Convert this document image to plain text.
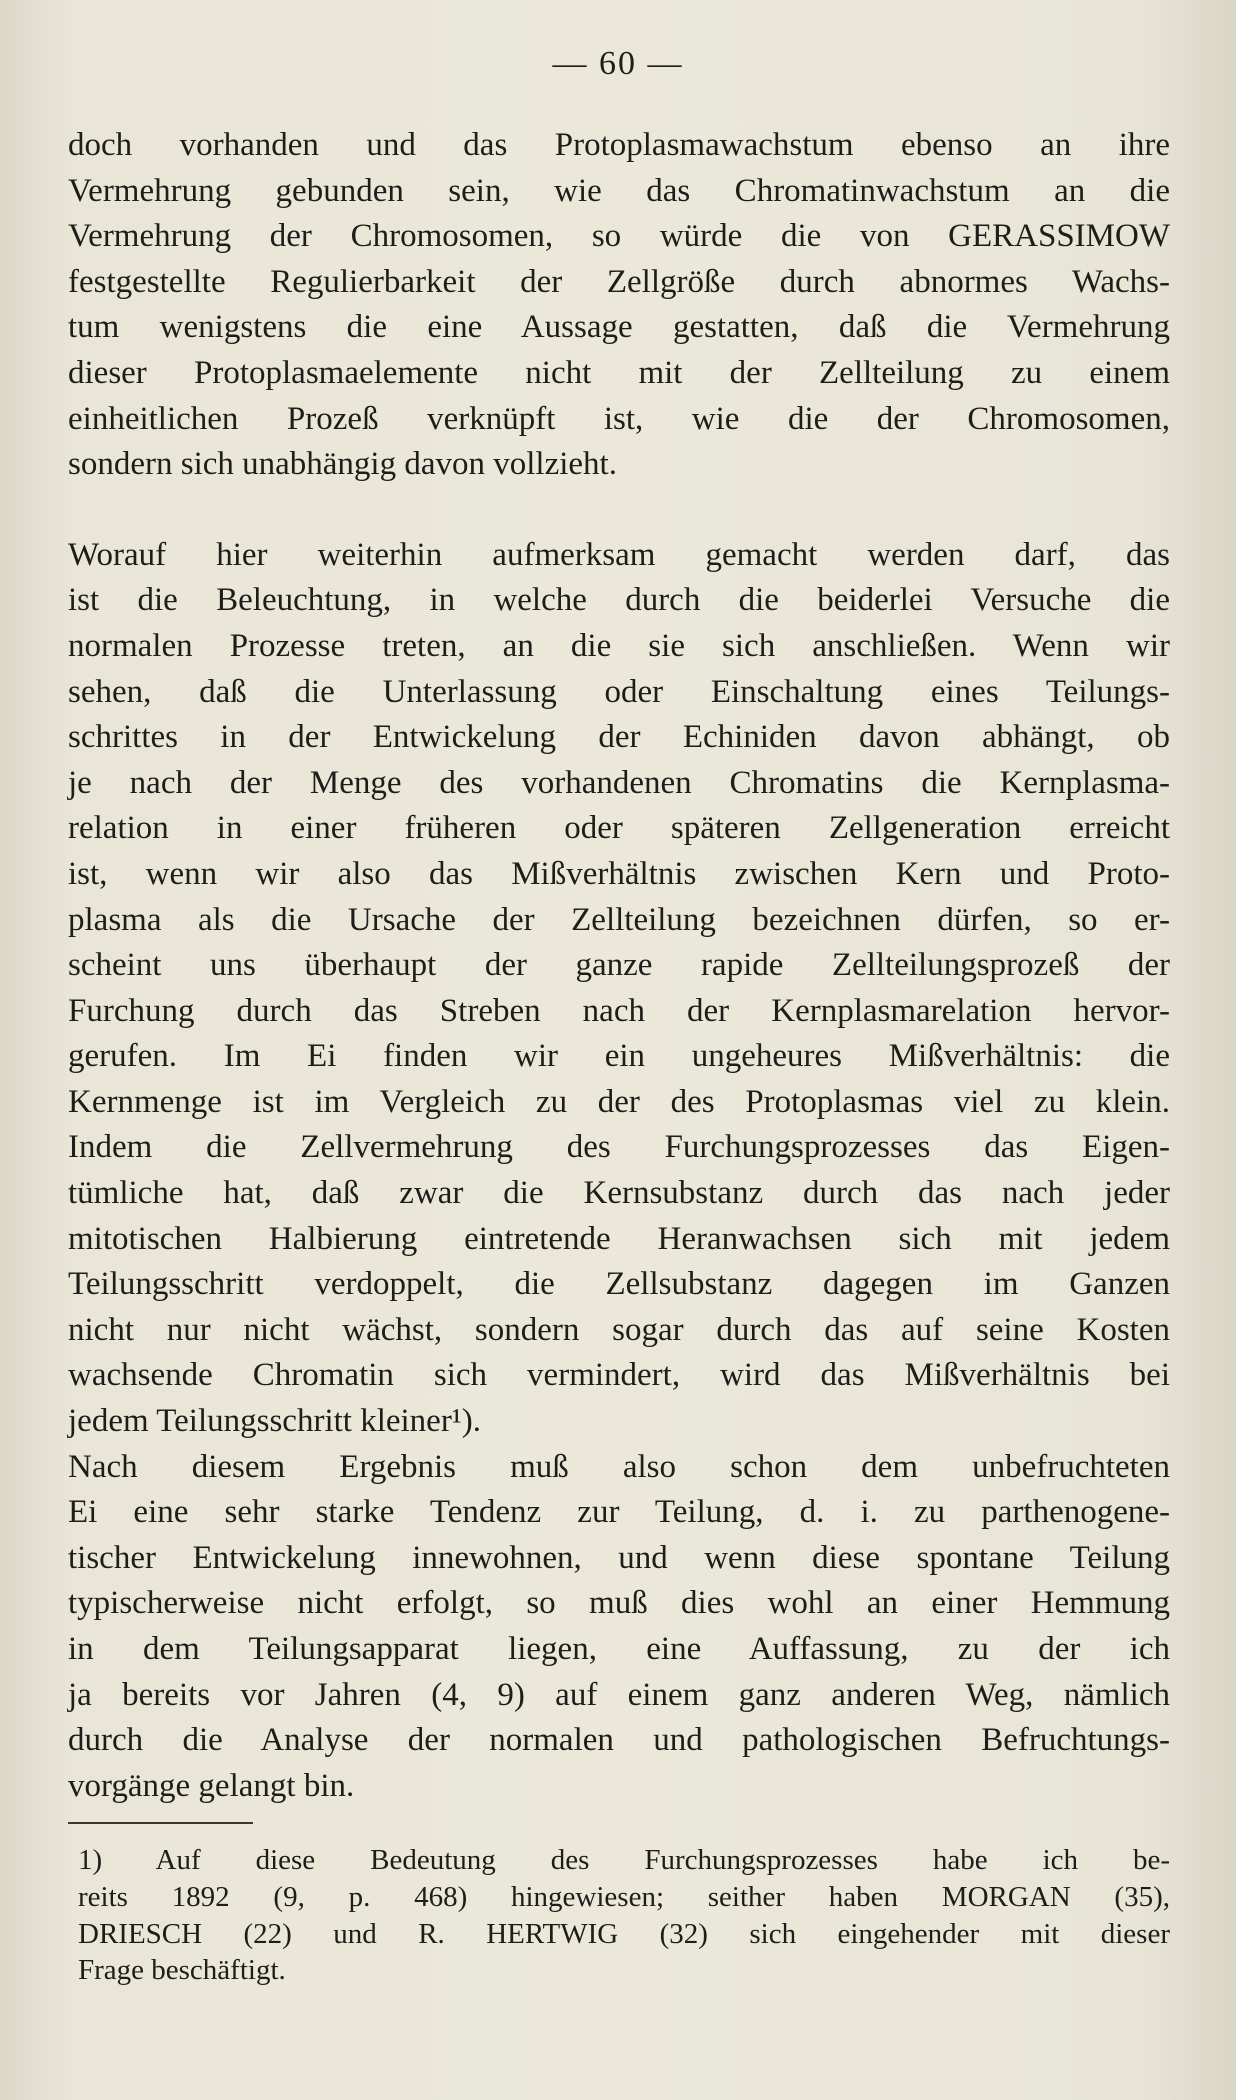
— 60 —
doch vorhanden und das Protoplasmawachstum ebenso an ihre
Vermehrung gebunden sein, wie das Chromatinwachstum an die
Vermehrung der Chromosomen, so würde die von GERASSIMOW
festgestellte Regulierbarkeit der Zellgröße durch abnormes Wachs-
tum wenigstens die eine Aussage gestatten, daß die Vermehrung
dieser Protoplasmaelemente nicht mit der Zellteilung zu einem
einheitlichen Prozeß verknüpft ist, wie die der Chromosomen,
sondern sich unabhängig davon vollzieht.
Worauf hier weiterhin aufmerksam gemacht werden darf, das
ist die Beleuchtung, in welche durch die beiderlei Versuche die
normalen Prozesse treten, an die sie sich anschließen. Wenn wir
sehen, daß die Unterlassung oder Einschaltung eines Teilungs-
schrittes in der Entwickelung der Echiniden davon abhängt, ob
je nach der Menge des vorhandenen Chromatins die Kernplasma-
relation in einer früheren oder späteren Zellgeneration erreicht
ist, wenn wir also das Mißverhältnis zwischen Kern und Proto-
plasma als die Ursache der Zellteilung bezeichnen dürfen, so er-
scheint uns überhaupt der ganze rapide Zellteilungsprozeß der
Furchung durch das Streben nach der Kernplasmarelation hervor-
gerufen. Im Ei finden wir ein ungeheures Mißverhältnis: die
Kernmenge ist im Vergleich zu der des Protoplasmas viel zu klein.
Indem die Zellvermehrung des Furchungsprozesses das Eigen-
tümliche hat, daß zwar die Kernsubstanz durch das nach jeder
mitotischen Halbierung eintretende Heranwachsen sich mit jedem
Teilungsschritt verdoppelt, die Zellsubstanz dagegen im Ganzen
nicht nur nicht wächst, sondern sogar durch das auf seine Kosten
wachsende Chromatin sich vermindert, wird das Mißverhältnis bei
jedem Teilungsschritt kleiner¹).
Nach diesem Ergebnis muß also schon dem unbefruchteten
Ei eine sehr starke Tendenz zur Teilung, d. i. zu parthenogene-
tischer Entwickelung innewohnen, und wenn diese spontane Teilung
typischerweise nicht erfolgt, so muß dies wohl an einer Hemmung
in dem Teilungsapparat liegen, eine Auffassung, zu der ich
ja bereits vor Jahren (4, 9) auf einem ganz anderen Weg, nämlich
durch die Analyse der normalen und pathologischen Befruchtungs-
vorgänge gelangt bin.
1) Auf diese Bedeutung des Furchungsprozesses habe ich be-
reits 1892 (9, p. 468) hingewiesen; seither haben MORGAN (35),
DRIESCH (22) und R. HERTWIG (32) sich eingehender mit dieser
Frage beschäftigt.
